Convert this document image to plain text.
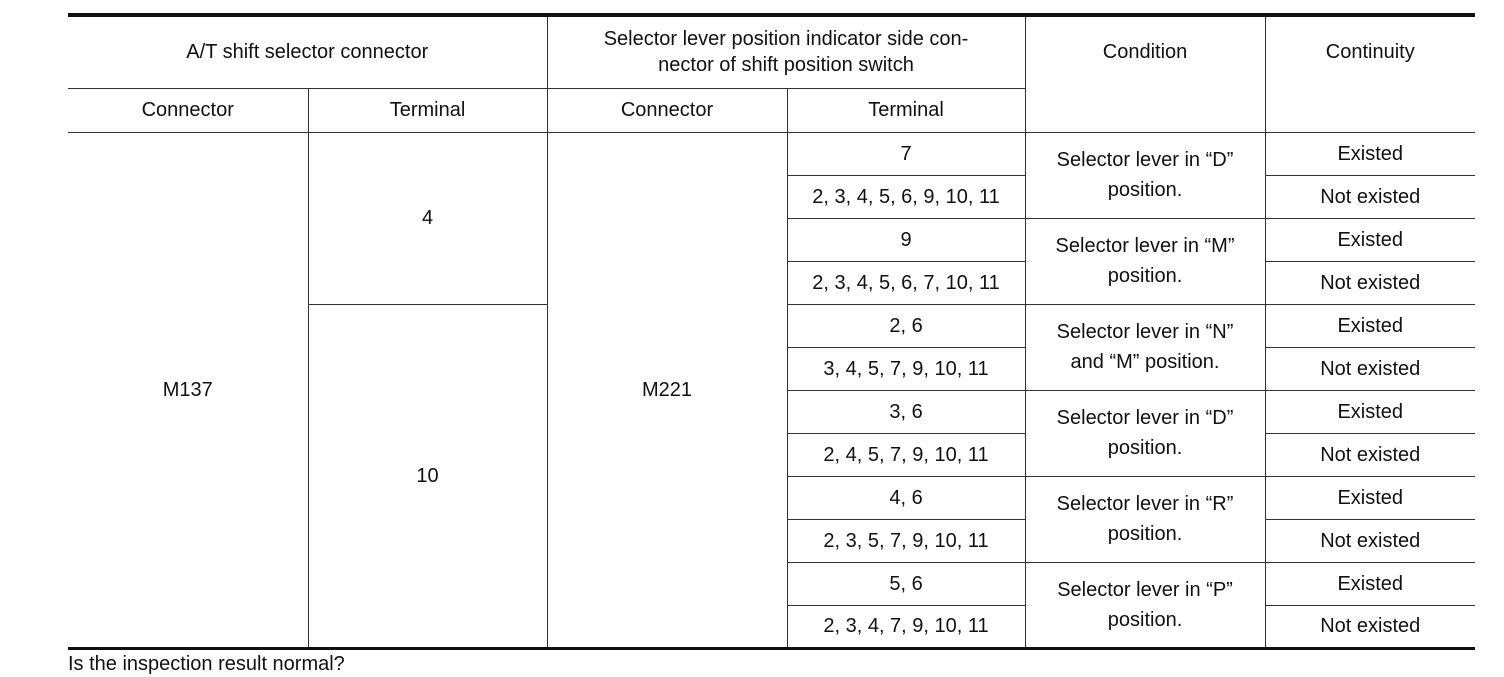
A/T shift selector connector		Selector lever position indicator side con-
nector of shift position switch		Condition	Continuity
Connector	Terminal	Connector	Terminal		
M137	4	M221	7	Selector lever in “D”
position.	Existed
			2, 3, 4, 5, 6, 9, 10, 11		Not existed
			9	Selector lever in “M”
position.	Existed
			2, 3, 4, 5, 6, 7, 10, 11		Not existed
	10		2, 6	Selector lever in “N”
and “M” position.	Existed
			3, 4, 5, 7, 9, 10, 11		Not existed
			3, 6	Selector lever in “D”
position.	Existed
			2, 4, 5, 7, 9, 10, 11		Not existed
			4, 6	Selector lever in “R”
position.	Existed
			2, 3, 5, 7, 9, 10, 11		Not existed
			5, 6	Selector lever in “P”
position.	Existed
			2, 3, 4, 7, 9, 10, 11		Not existed
Is the inspection result normal?
